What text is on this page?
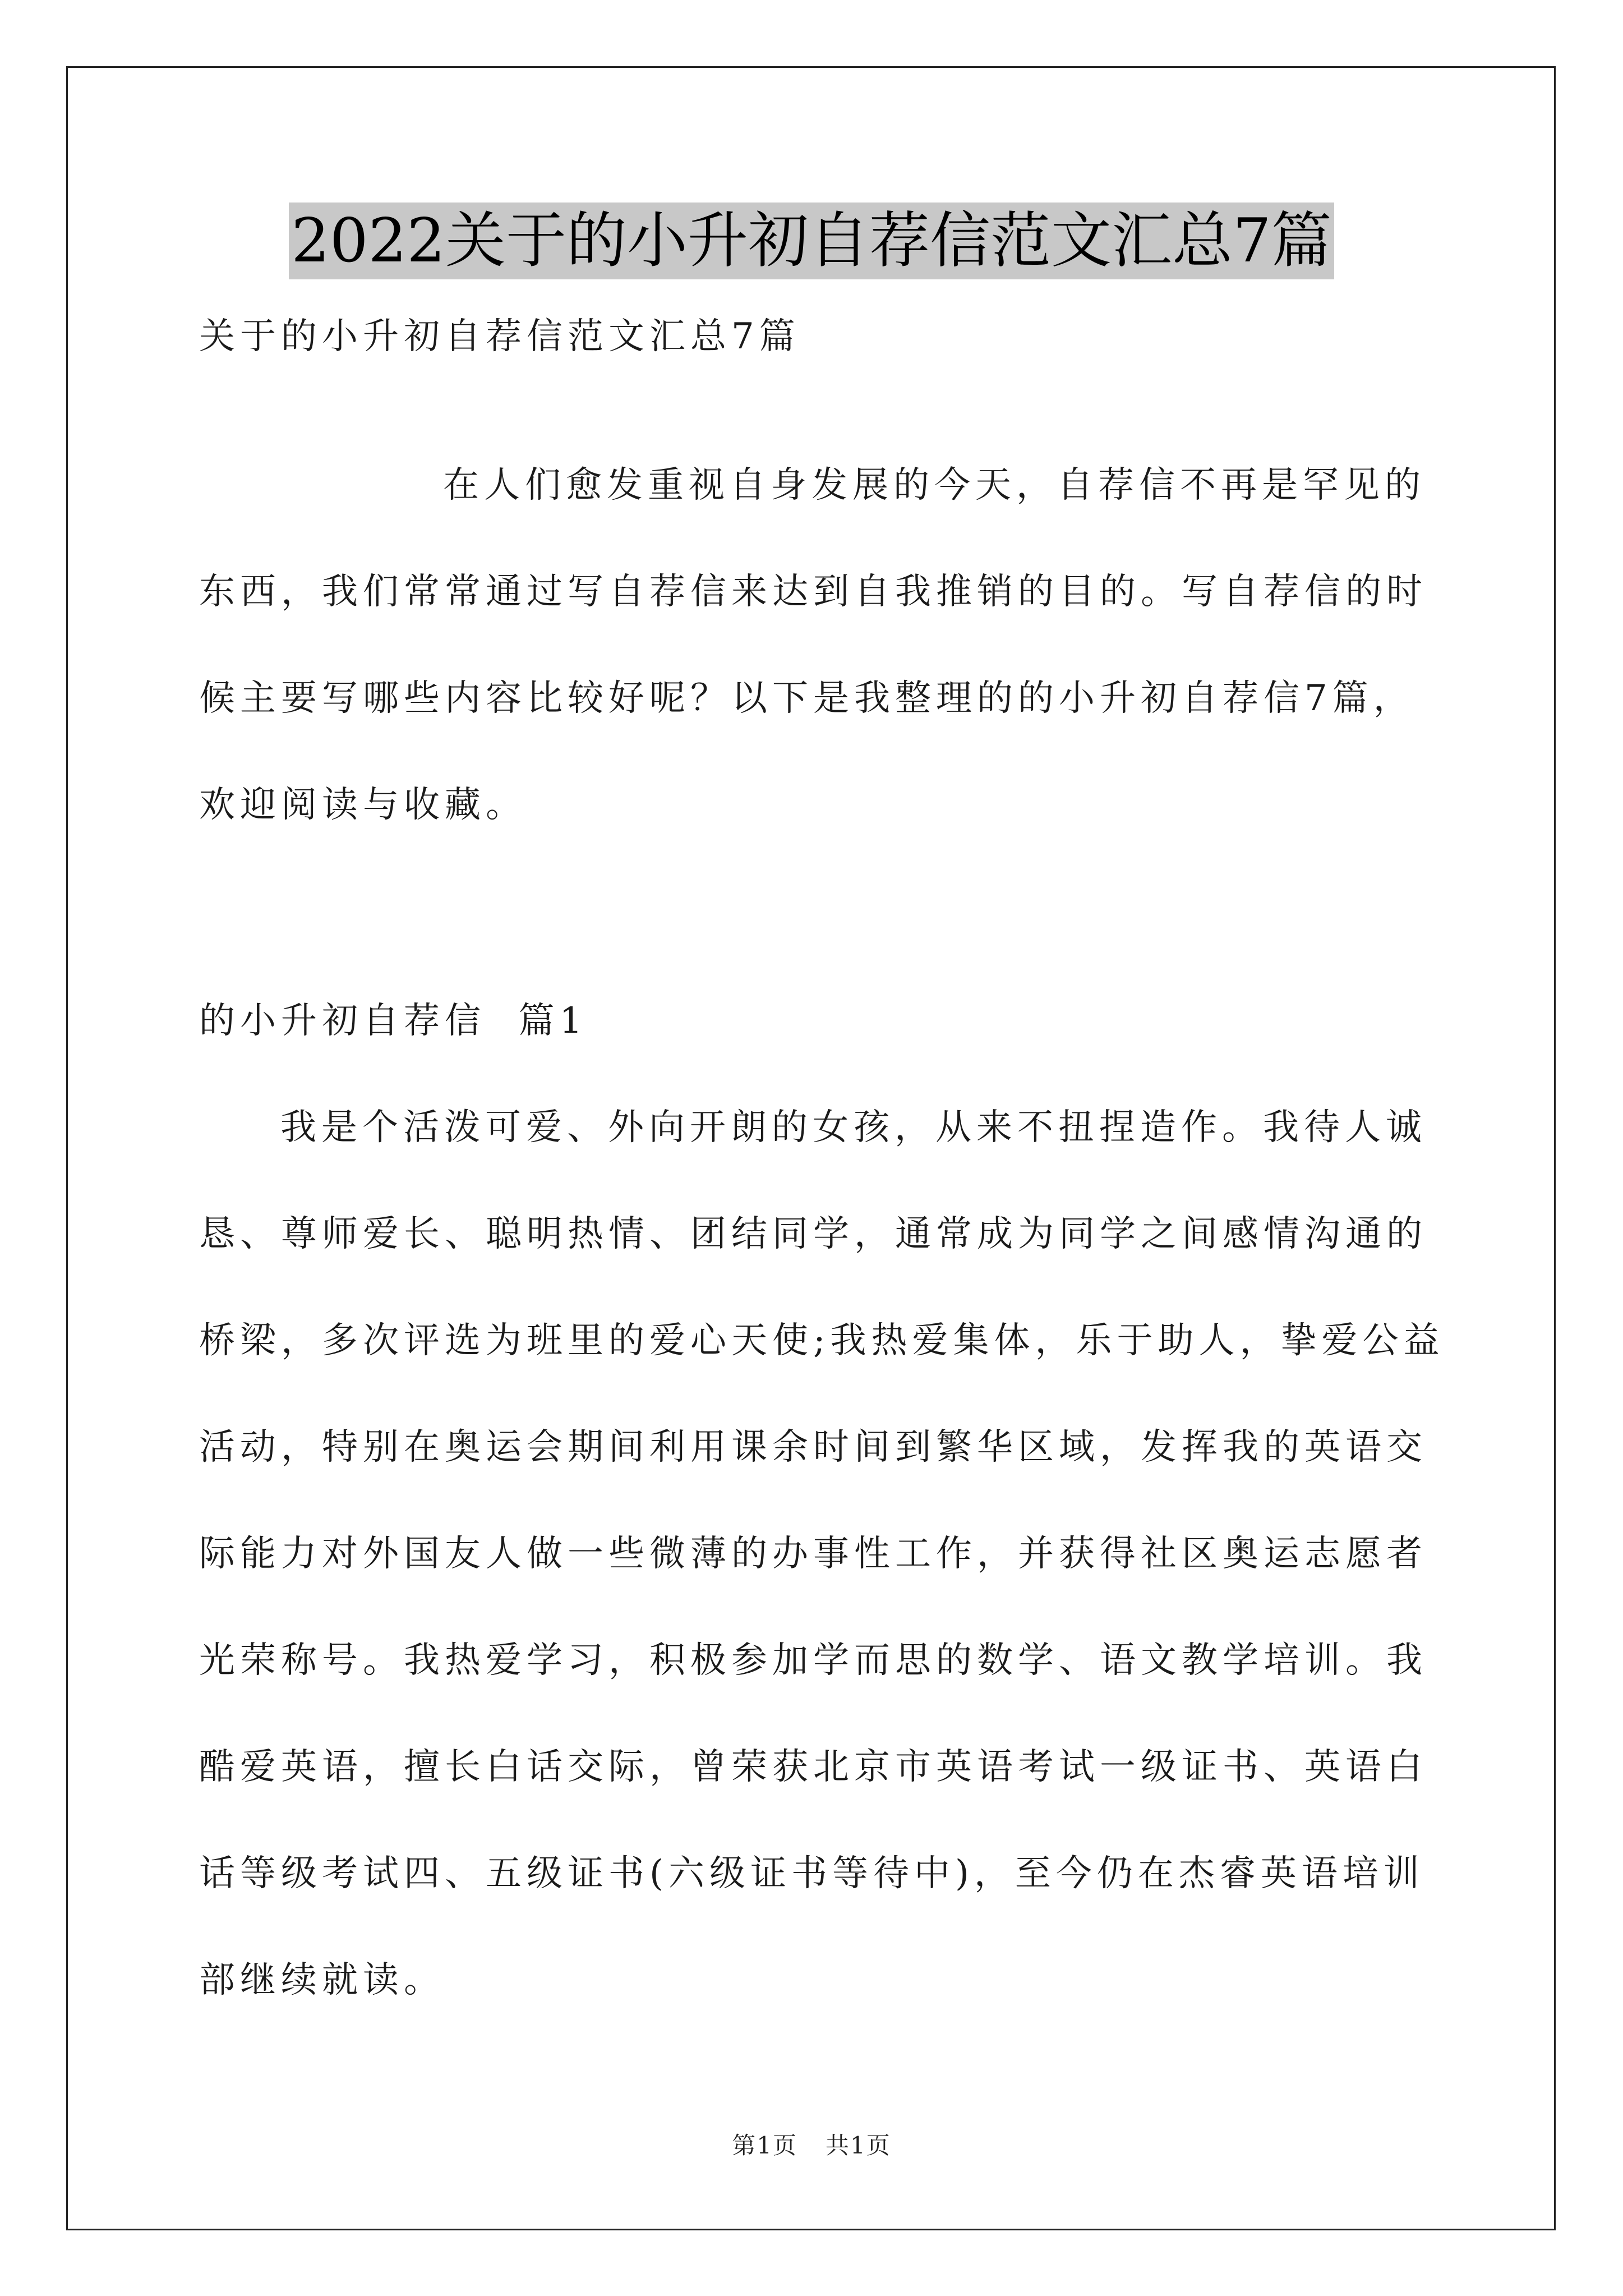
2022关于的小升初自荐信范文汇总7篇

关于的小升初自荐信范文汇总7篇

在人们愈发重视自身发展的今天，自荐信不再是罕见的

东西，我们常常通过写自荐信来达到自我推销的目的。写自荐信的时

候主要写哪些内容比较好呢？以下是我整理的的小升初自荐信7篇，

欢迎阅读与收藏。

的小升初自荐信  篇1

我是个活泼可爱、外向开朗的女孩，从来不扭捏造作。我待人诚

恳、尊师爱长、聪明热情、团结同学，通常成为同学之间感情沟通的

桥梁，多次评选为班里的爱心天使;我热爱集体，乐于助人，挚爱公益

活动，特别在奥运会期间利用课余时间到繁华区域，发挥我的英语交

际能力对外国友人做一些微薄的办事性工作，并获得社区奥运志愿者

光荣称号。我热爱学习，积极参加学而思的数学、语文教学培训。我

酷爱英语，擅长白话交际，曾荣获北京市英语考试一级证书、英语白

话等级考试四、五级证书(六级证书等待中)，至今仍在杰睿英语培训

部继续就读。

第1页 共1页
